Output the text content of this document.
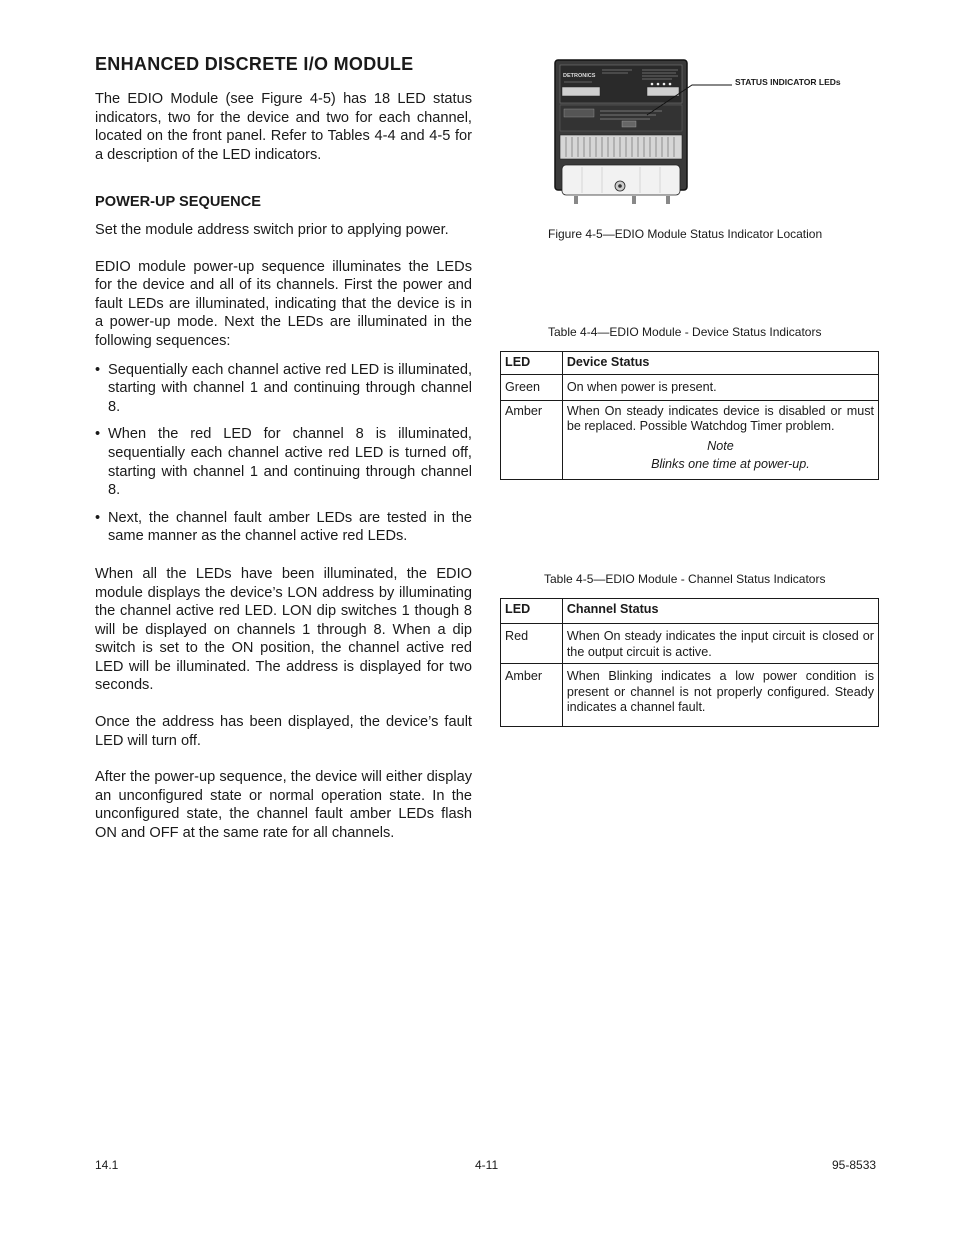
ENHANCED DISCRETE I/O MODULE

The EDIO Module (see Figure 4-5) has 18 LED status indicators, two for the device and two for each channel, located on the front panel. Refer to Tables 4-4 and 4-5 for a description of the LED indicators.

POWER-UP SEQUENCE

Set the module address switch prior to applying power.

EDIO module power-up sequence illuminates the LEDs for the device and all of its channels. First the power and fault LEDs are illuminated, indicating that the device is in a power-up mode. Next the LEDs are illuminated in the following sequences:

• Sequentially each channel active red LED is illuminated, starting with channel 1 and continuing through channel 8.
• When the red LED for channel 8 is illuminated, sequentially each channel active red LED is turned off, starting with channel 1 and continuing through channel 8.
• Next, the channel fault amber LEDs are tested in the same manner as the channel active red LEDs.

When all the LEDs have been illuminated, the EDIO module displays the device’s LON address by illuminating the channel active red LED. LON dip switches 1 though 8 will be displayed on channels 1 through 8. When a dip switch is set to the ON position, the channel active red LED will be illuminated. The address is displayed for two seconds.

Once the address has been displayed, the device’s fault LED will turn off.

After the power-up sequence, the device will either display an unconfigured state or normal operation state. In the unconfigured state, the channel fault amber LEDs flash ON and OFF at the same rate for all channels.

DETRONICS
STATUS INDICATOR LEDs
Figure 4-5—EDIO Module Status Indicator Location
Table 4-4—EDIO Module - Device Status Indicators
LED	Device Status
Green	On when power is present.
Amber	When On steady indicates device is disabled or must be replaced. Possible Watchdog Timer problem.
Note
Blinks one time at power-up.
Table 4-5—EDIO Module - Channel Status Indicators
LED	Channel Status
Red	When On steady indicates the input circuit is closed or the output circuit is active.
Amber	When Blinking indicates a low power condition is present or channel is not properly configured. Steady indicates a channel fault.
14.1	4-11	95-8533
